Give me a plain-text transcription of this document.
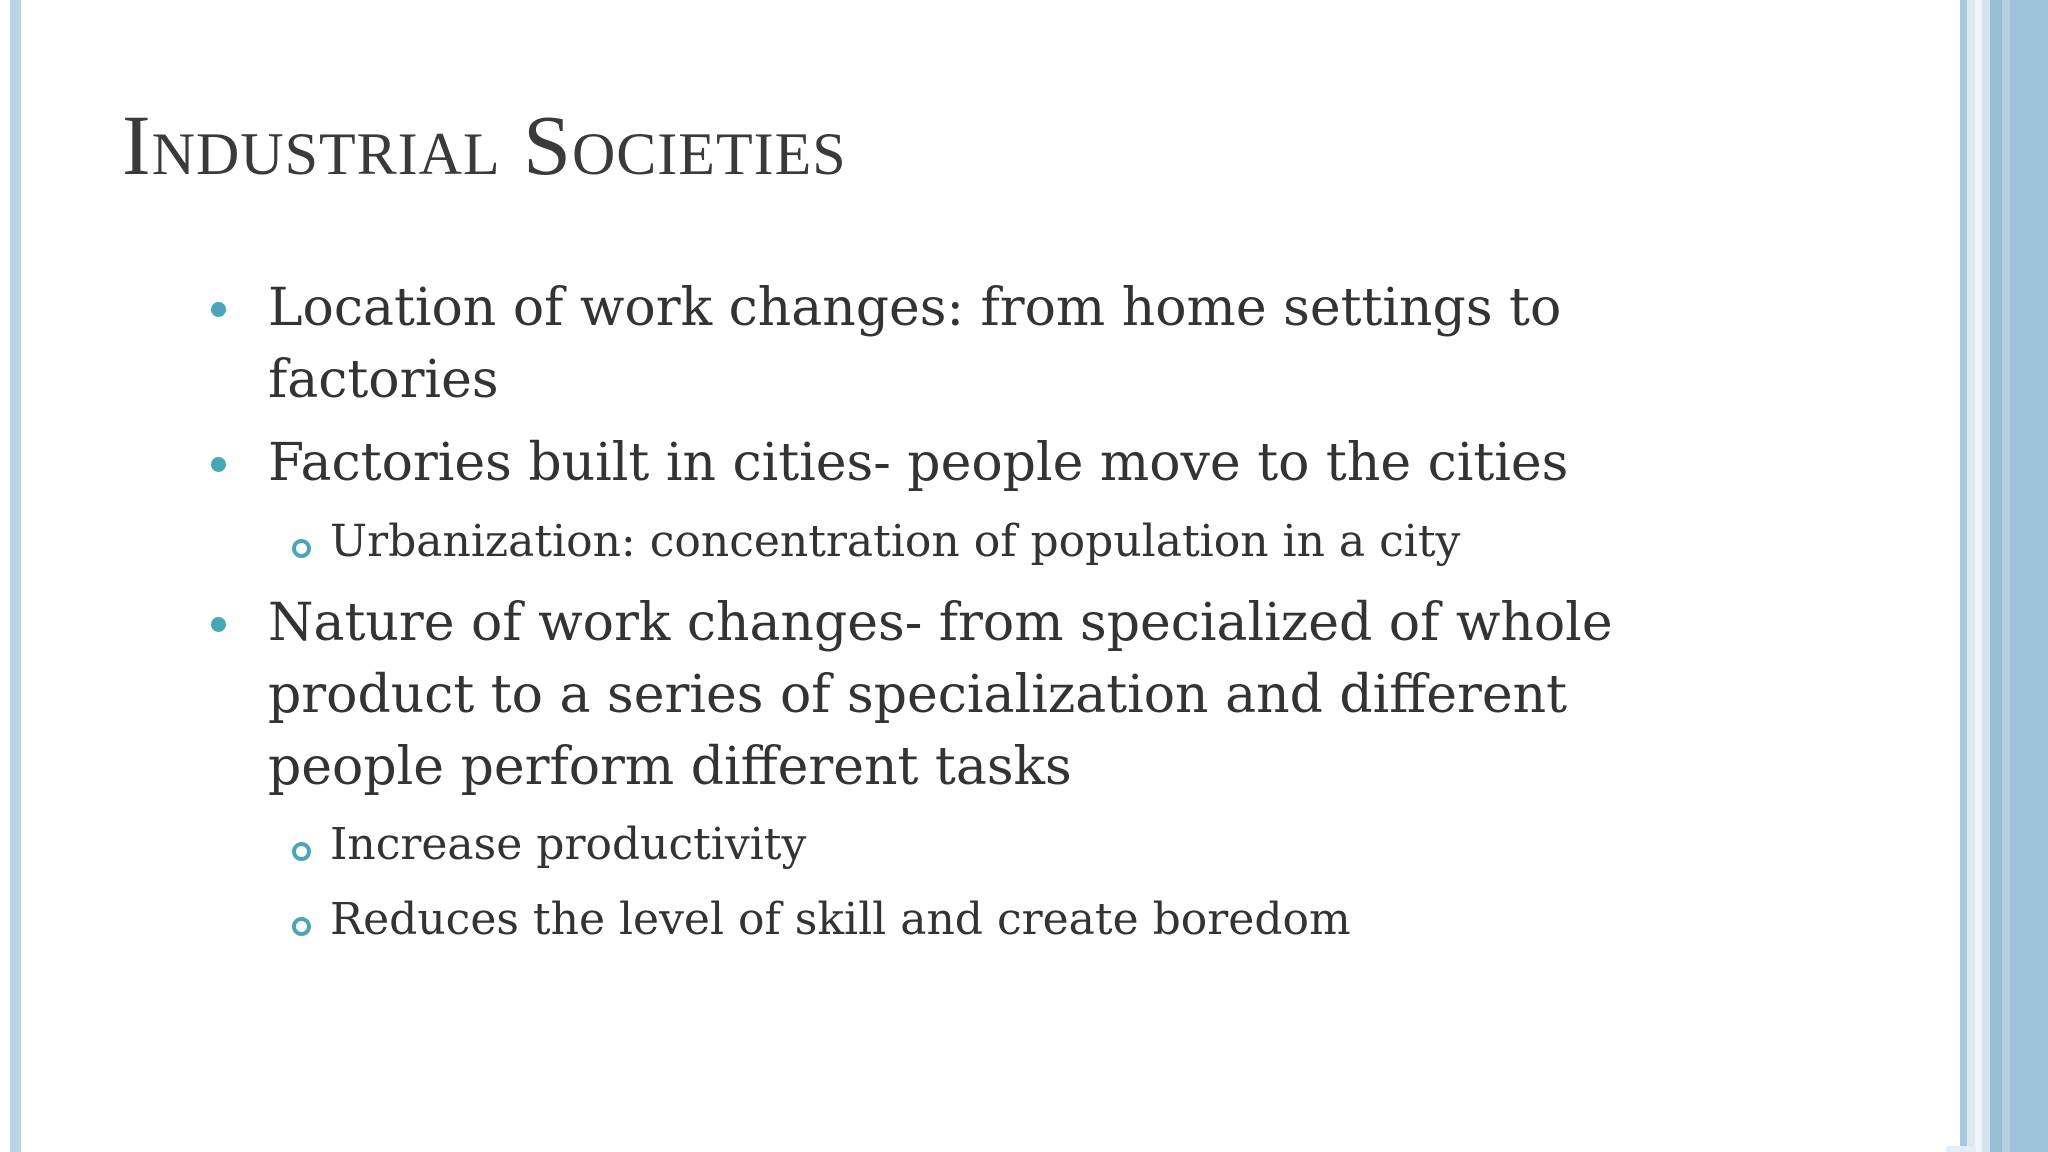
Industrial Societies
Location of work changes: from home settings to
factories
Factories built in cities- people move to the cities
Urbanization: concentration of population in a city
Nature of work changes- from specialized of whole
product to a series of specialization and different
people perform different tasks
Increase productivity
Reduces the level of skill and create boredom
